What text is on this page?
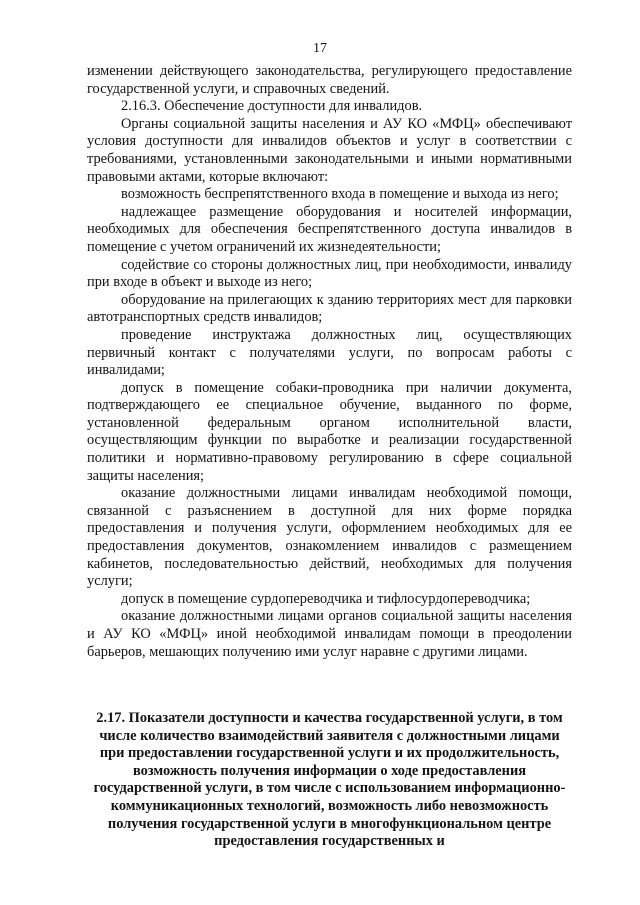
17

изменении действующего законодательства, регулирующего предоставление государственной услуги, и справочных сведений.

2.16.3. Обеспечение доступности для инвалидов.

Органы социальной защиты населения и АУ КО «МФЦ» обеспечивают условия доступности для инвалидов объектов и услуг в соответствии с требованиями, установленными законодательными и иными нормативными правовыми актами, которые включают:

возможность беспрепятственного входа в помещение и выхода из него;

надлежащее размещение оборудования и носителей информации, необходимых для обеспечения беспрепятственного доступа инвалидов в помещение с учетом ограничений их жизнедеятельности;

содействие со стороны должностных лиц, при необходимости, инвалиду при входе в объект и выходе из него;

оборудование на прилегающих к зданию территориях мест для парковки автотранспортных средств инвалидов;

проведение инструктажа должностных лиц, осуществляющих первичный контакт с получателями услуги, по вопросам работы с инвалидами;

допуск в помещение собаки-проводника при наличии документа, подтверждающего ее специальное обучение, выданного по форме, установленной федеральным органом исполнительной власти, осуществляющим функции по выработке и реализации государственной политики и нормативно-правовому регулированию в сфере социальной защиты населения;

оказание должностными лицами инвалидам необходимой помощи, связанной с разъяснением в доступной для них форме порядка предоставления и получения услуги, оформлением необходимых для ее предоставления документов, ознакомлением инвалидов с размещением кабинетов, последовательностью действий, необходимых для получения услуги;

допуск в помещение сурдопереводчика и тифлосурдопереводчика;

оказание должностными лицами органов социальной защиты населения и АУ КО «МФЦ» иной необходимой инвалидам помощи в преодолении барьеров, мешающих получению ими услуг наравне с другими лицами.

2.17. Показатели доступности и качества государственной услуги, в том числе количество взаимодействий заявителя с должностными лицами при предоставлении государственной услуги и их продолжительность, возможность получения информации о ходе предоставления государственной услуги, в том числе с использованием информационно-коммуникационных технологий, возможность либо невозможность получения государственной услуги в многофункциональном центре предоставления государственных и
